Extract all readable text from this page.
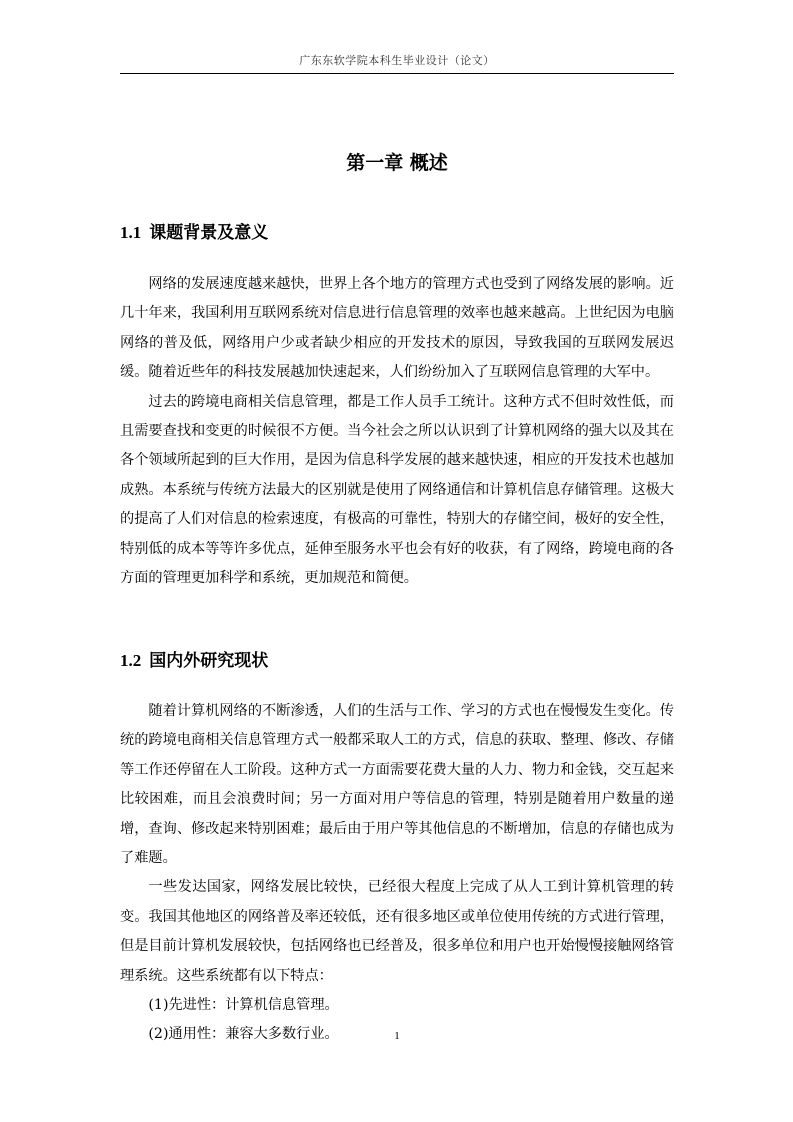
广东东软学院本科生毕业设计（论文）
第一章 概述
1.1 课题背景及意义

网络的发展速度越来越快，世界上各个地方的管理方式也受到了网络发展的影响。近几十年来，我国利用互联网系统对信息进行信息管理的效率也越来越高。上世纪因为电脑网络的普及低，网络用户少或者缺少相应的开发技术的原因，导致我国的互联网发展迟缓。随着近些年的科技发展越加快速起来，人们纷纷加入了互联网信息管理的大军中。

过去的跨境电商相关信息管理，都是工作人员手工统计。这种方式不但时效性低，而且需要查找和变更的时候很不方便。当今社会之所以认识到了计算机网络的强大以及其在各个领域所起到的巨大作用，是因为信息科学发展的越来越快速，相应的开发技术也越加成熟。本系统与传统方法最大的区别就是使用了网络通信和计算机信息存储管理。这极大的提高了人们对信息的检索速度，有极高的可靠性，特别大的存储空间，极好的安全性，特别低的成本等等许多优点，延伸至服务水平也会有好的收获，有了网络，跨境电商的各方面的管理更加科学和系统，更加规范和简便。

1.2 国内外研究现状

随着计算机网络的不断渗透，人们的生活与工作、学习的方式也在慢慢发生变化。传统的跨境电商相关信息管理方式一般都采取人工的方式，信息的获取、整理、修改、存储等工作还停留在人工阶段。这种方式一方面需要花费大量的人力、物力和金钱，交互起来比较困难，而且会浪费时间；另一方面对用户等信息的管理，特别是随着用户数量的递增，查询、修改起来特别困难；最后由于用户等其他信息的不断增加，信息的存储也成为了难题。

一些发达国家，网络发展比较快，已经很大程度上完成了从人工到计算机管理的转变。我国其他地区的网络普及率还较低，还有很多地区或单位使用传统的方式进行管理，但是目前计算机发展较快，包括网络也已经普及，很多单位和用户也开始慢慢接触网络管理系统。这些系统都有以下特点：

(1)先进性：计算机信息管理。

(2)通用性：兼容大多数行业。	1
